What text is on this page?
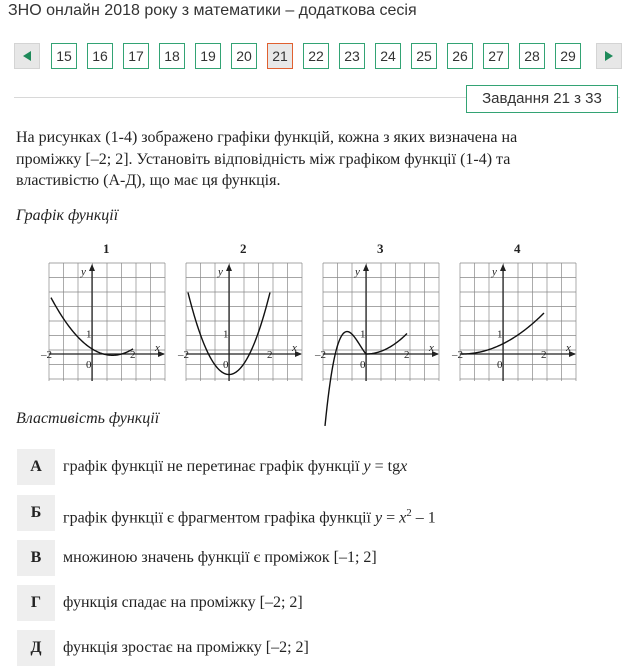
ЗНО онлайн 2018 року з математики – додаткова сесія
15	16	17	18	19	20	21	22	23	24	25	26	27	28	29
Завдання 21 з 33
На рисунках (1-4) зображено графіки функцій, кожна з яких визначена на
проміжку [–2; 2]. Установіть відповідність між графіком функції (1-4) та
властивістю (А-Д), що має ця функція.
Графік функції
1
y
x
–2
0
2
1
2
y
x
–2
0
2
1
3
y
x
–2
0
2
1
4
y
x
–2
0
2
1
Властивість функції
А	графік функції не перетинає графік функції y = tgx
Б	графік функції є фрагментом графіка функції $y = x^2 - 1$
В	множиною значень функції є проміжок [–1; 2]
Г	функція спадає на проміжку [–2; 2]
Д	функція зростає на проміжку [–2; 2]
